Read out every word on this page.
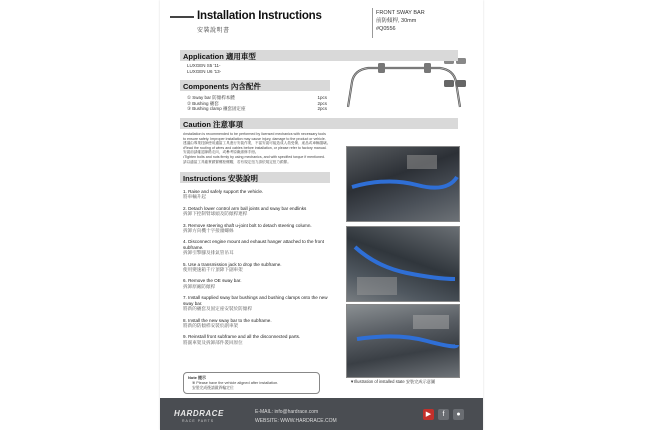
Installation Instructions
安裝說明書
FRONT SWAY BAR
前防傾桿, 30mm
#Q0556
Application 適用車型
LUXGEN S5 '11-
LUXGEN U6 '13-
Components 內含配件
① Sway bar 防傾桿本體	1pcs
② Bushing 襯套	2pcs
③ Bushing clamp 襯套固定座	2pcs
Caution 注意事項
•Installation is recommended to be performed by licensed mechanics with necessary tools
to ensure safety. Improper installation may cause injury, damage to the product or vehicle.
建議由專業技師使用適當工具進行安裝作業，不當安裝可能造成人員受傷、產品或車輛損壞。
•Read the routing of wires and cables before installation, or please refer to factory manual.
安裝前請確認線路走向，或參考原廠維修手冊。
•Tighten bolts and nuts firmly by using mechanics, and with specified torque if mentioned.
請以適當工具確實鎖緊螺栓螺帽，若有規定扭力請依規定扭力鎖緊。
Instructions 安裝說明
1. Raise and safely support the vehicle.
將車輛升起
2. Detach lower control arm ball joints and sway bar endlinks
拆卸下控制臂球頭及防傾桿連桿
3. Remove steering shaft u-joint bolt to detach steering column.
拆卸方向機十字接頭螺絲
4. Disconnect engine mount and exhaust hanger attached to the front subframe.
拆卸引擎腳及排氣管吊耳
5. Use a transmission jack to drop the subframe.
使用變速箱千斤頂降下副車架
6. Remove the OE sway bar.
拆卸原廠防傾桿
7. Install supplied sway bar bushings and bushing clamps onto the new sway bar.
將新的襯套及固定座安裝於防傾桿
8. Install the new sway bar to the subframe.
將新的防傾桿安裝於副車架
9. Reinstall front subframe and all the disconnected parts.
將副車架及拆卸部件裝回原位
Note 提示
※ Please have the vehicle aligned after installation.
安裝完成後請做四輪定位
▼Illustration of installed state 安裝完成示意圖
HARDRACE
RACE PARTS
E-MAIL: info@hardrace.com
WEBSITE: WWW.HARDRACE.COM
▶	f	●
